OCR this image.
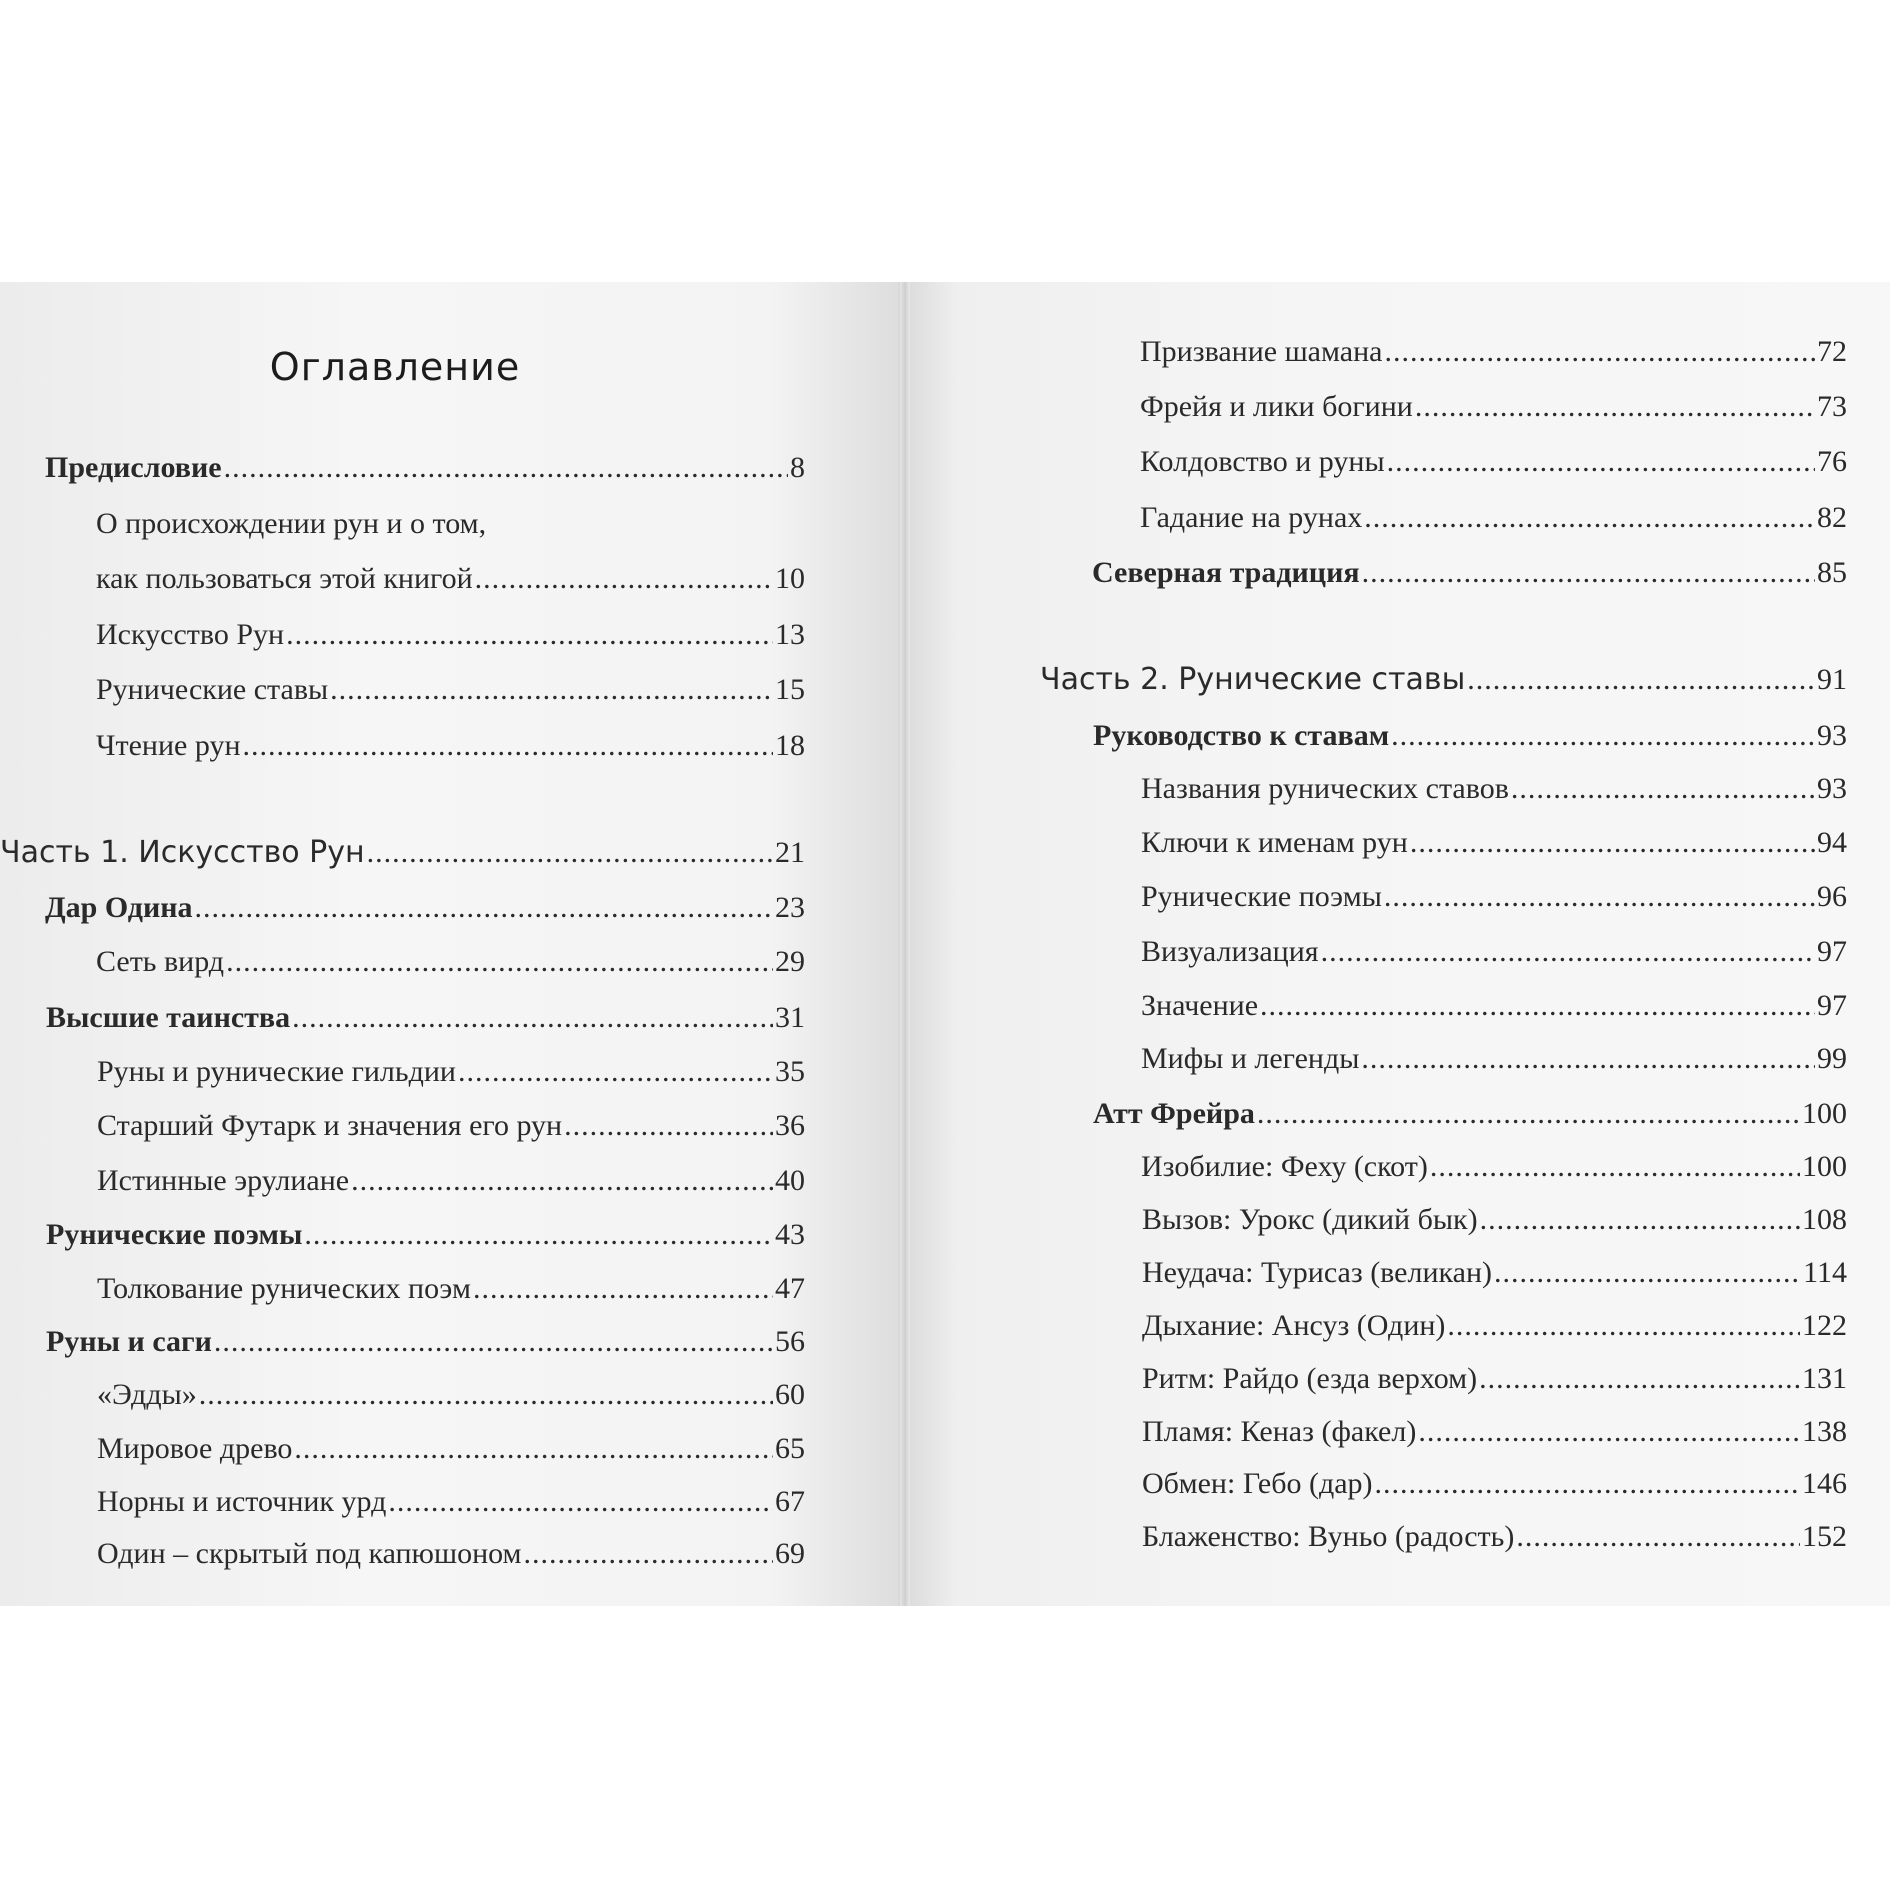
Оглавление
Предисловие .....	8
О происхождении рун и о том,
как пользоваться этой книгой .....	10
Искусство Рун .....	13
Рунические ставы .....	15
Чтение рун .....	18
Часть 1. Искусство Рун .....	21
Дар Одина .....	23
Сеть вирд .....	29
Высшие таинства .....	31
Руны и рунические гильдии .....	35
Старший Футарк и значения его рун .....	36
Истинные эрулиане .....	40
Рунические поэмы .....	43
Толкование рунических поэм .....	47
Руны и саги .....	56
«Эдды» .....	60
Мировое древо .....	65
Норны и источник урд .....	67
Один – скрытый под капюшоном .....	69
Призвание шамана .....	72
Фрейя и лики богини .....	73
Колдовство и руны .....	76
Гадание на рунах .....	82
Северная традиция .....	85
Часть 2. Рунические ставы .....	91
Руководство к ставам .....	93
Названия рунических ставов .....	93
Ключи к именам рун .....	94
Рунические поэмы .....	96
Визуализация .....	97
Значение .....	97
Мифы и легенды .....	99
Атт Фрейра .....	100
Изобилие: Феху (скот) .....	100
Вызов: Урокс (дикий бык) .....	108
Неудача: Турисаз (великан) .....	114
Дыхание: Ансуз (Один) .....	122
Ритм: Райдо (езда верхом) .....	131
Пламя: Кеназ (факел) .....	138
Обмен: Гебо (дар) .....	146
Блаженство: Вуньо (радость) .....	152
